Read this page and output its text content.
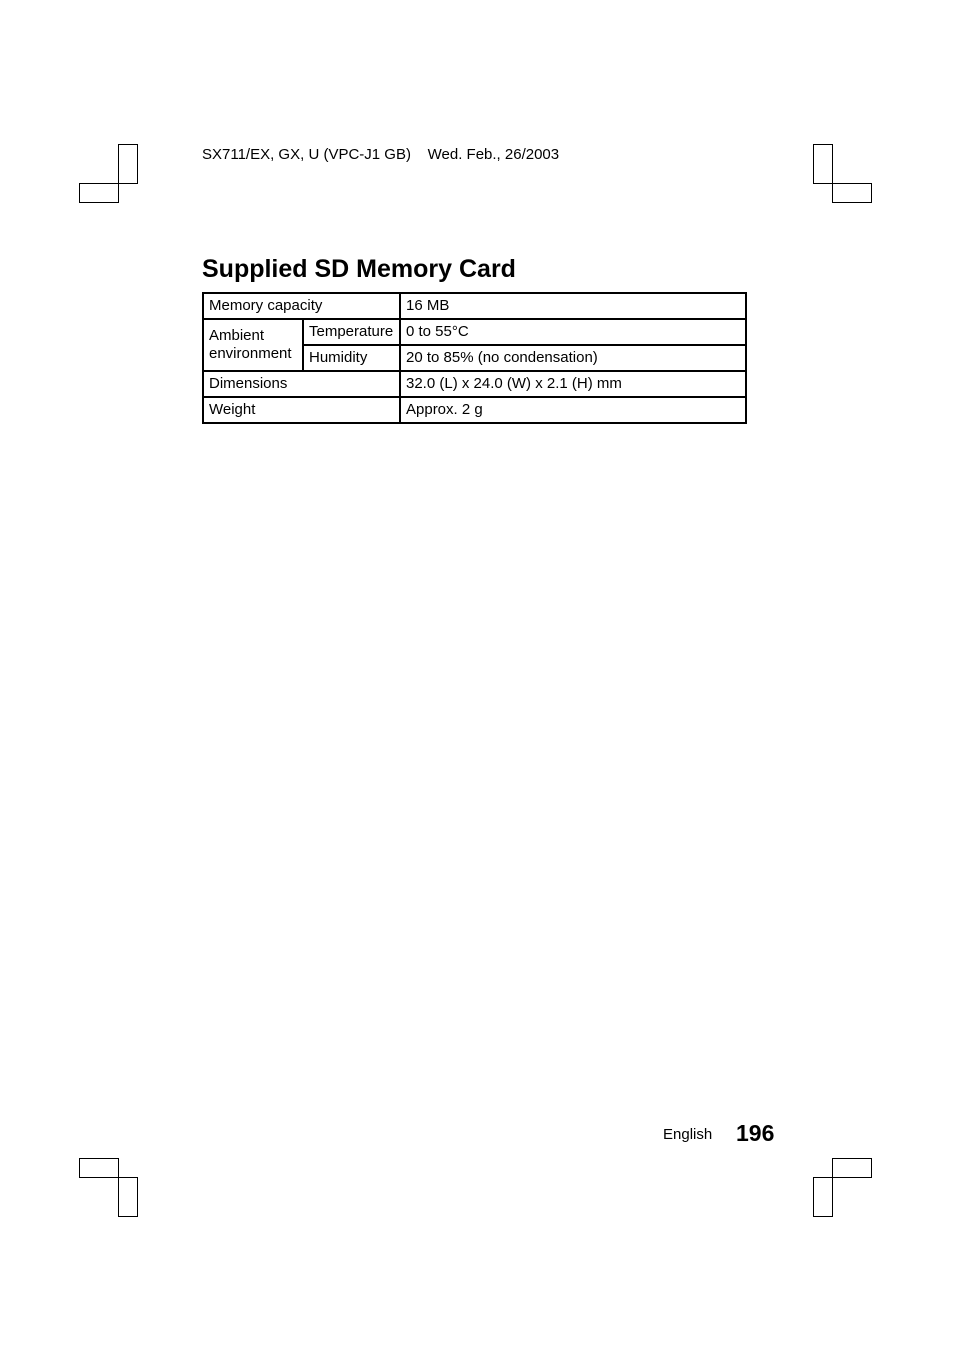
SX711/EX, GX, U (VPC-J1 GB) Wed. Feb., 26/2003
Supplied SD Memory Card
Memory capacity		16 MB
Ambient environment	Temperature	0 to 55°C
	Humidity	20 to 85% (no condensation)
Dimensions		32.0 (L) x 24.0 (W) x 2.1 (H) mm
Weight		Approx. 2 g
English 196
